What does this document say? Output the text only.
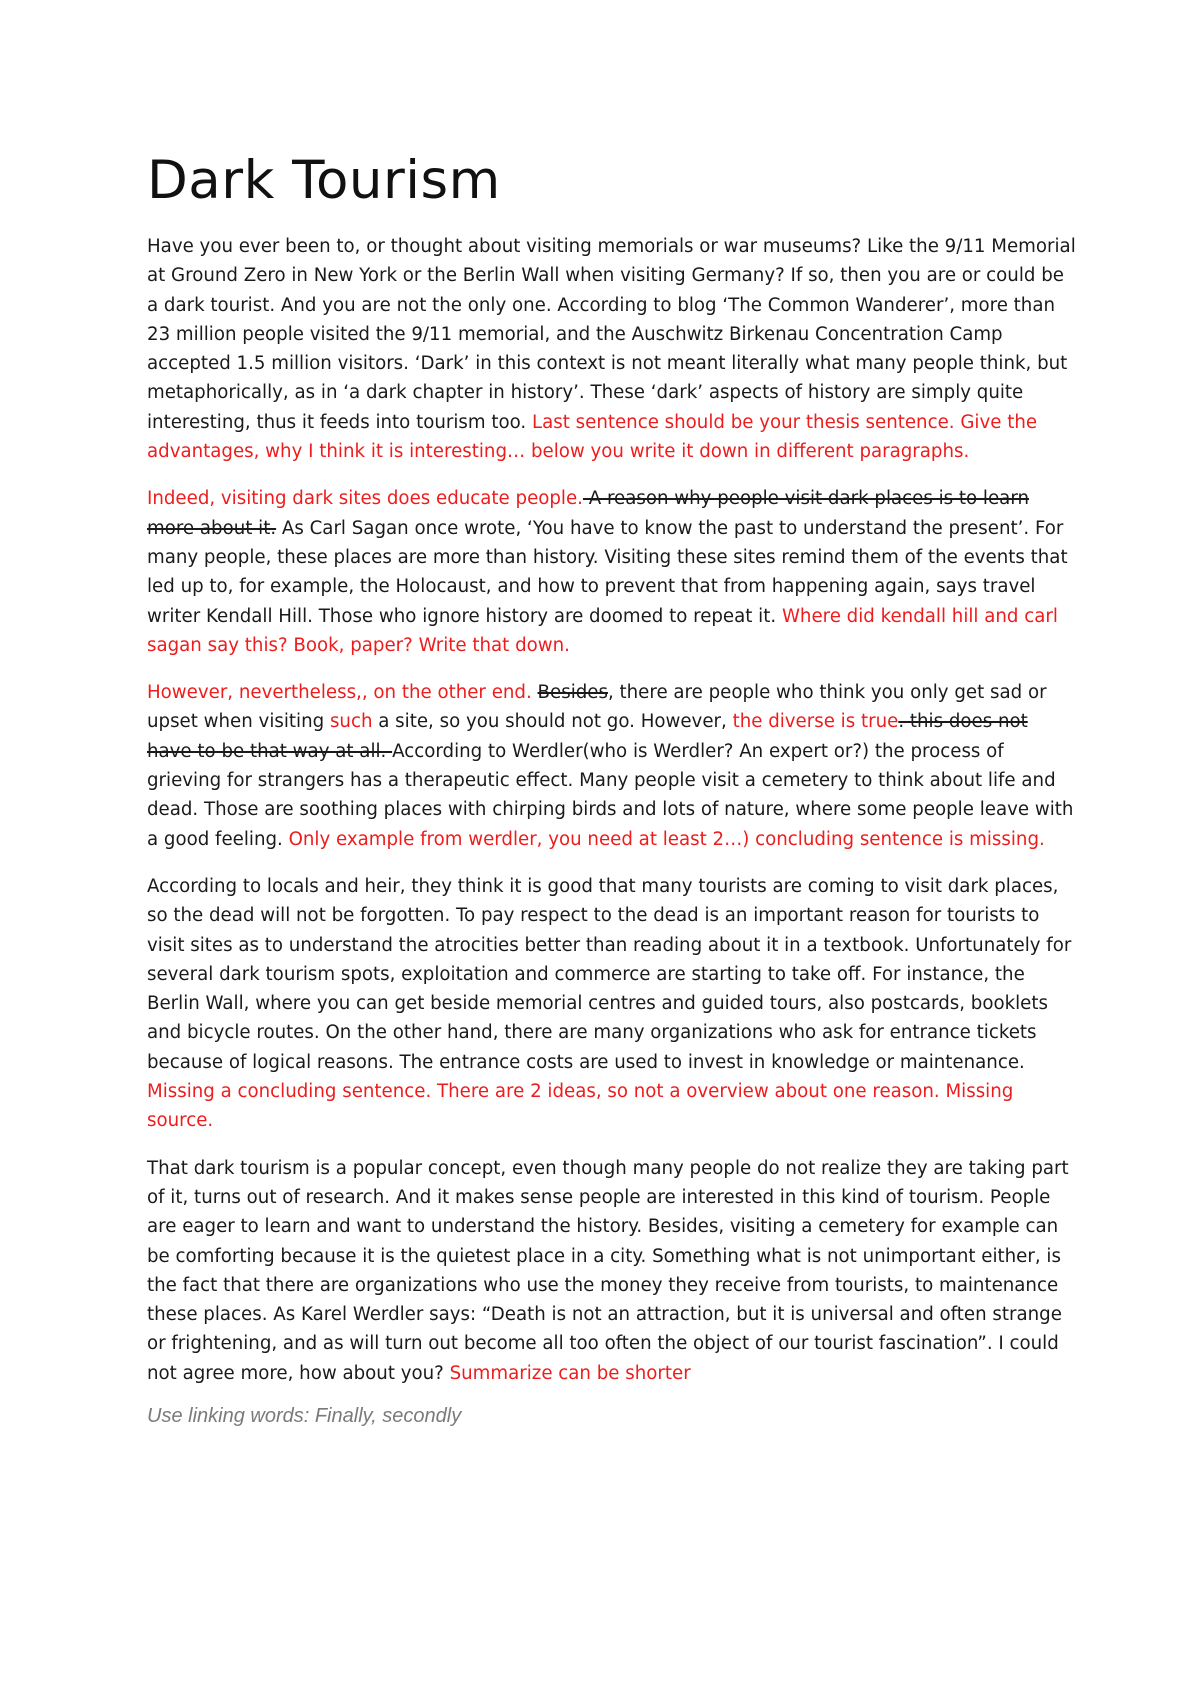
Dark Tourism

Have you ever been to, or thought about visiting memorials or war museums? Like the 9/11 Memorial at Ground Zero in New York or the Berlin Wall when visiting Germany? If so, then you are or could be a dark tourist. And you are not the only one. According to blog ‘The Common Wanderer’, more than 23 million people visited the 9/11 memorial, and the Auschwitz Birkenau Concentration Camp accepted 1.5 million visitors. ‘Dark’ in this context is not meant literally what many people think, but metaphorically, as in ‘a dark chapter in history’. These ‘dark’ aspects of history are simply quite interesting, thus it feeds into tourism too. Last sentence should be your thesis sentence. Give the advantages, why I think it is interesting… below you write it down in different paragraphs.

Indeed, visiting dark sites does educate people. A reason why people visit dark places is to learn more about it. As Carl Sagan once wrote, ‘You have to know the past to understand the present’. For many people, these places are more than history. Visiting these sites remind them of the events that led up to, for example, the Holocaust, and how to prevent that from happening again, says travel writer Kendall Hill. Those who ignore history are doomed to repeat it. Where did kendall hill and carl sagan say this? Book, paper? Write that down.

However, nevertheless,, on the other end. Besides, there are people who think you only get sad or upset when visiting such a site, so you should not go. However, the diverse is true. this does not have to be that way at all. According to Werdler(who is Werdler? An expert or?) the process of grieving for strangers has a therapeutic effect. Many people visit a cemetery to think about life and dead. Those are soothing places with chirping birds and lots of nature, where some people leave with a good feeling. Only example from werdler, you need at least 2…) concluding sentence is missing.

According to locals and heir, they think it is good that many tourists are coming to visit dark places, so the dead will not be forgotten. To pay respect to the dead is an important reason for tourists to visit sites as to understand the atrocities better than reading about it in a textbook. Unfortunately for several dark tourism spots, exploitation and commerce are starting to take off. For instance, the Berlin Wall, where you can get beside memorial centres and guided tours, also postcards, booklets and bicycle routes. On the other hand, there are many organizations who ask for entrance tickets because of logical reasons. The entrance costs are used to invest in knowledge or maintenance. Missing a concluding sentence. There are 2 ideas, so not a overview about one reason. Missing source.

That dark tourism is a popular concept, even though many people do not realize they are taking part of it, turns out of research. And it makes sense people are interested in this kind of tourism. People are eager to learn and want to understand the history. Besides, visiting a cemetery for example can be comforting because it is the quietest place in a city. Something what is not unimportant either, is the fact that there are organizations who use the money they receive from tourists, to maintenance these places. As Karel Werdler says: “Death is not an attraction, but it is universal and often strange or frightening, and as will turn out become all too often the object of our tourist fascination”. I could not agree more, how about you? Summarize can be shorter

Use linking words: Finally, secondly
